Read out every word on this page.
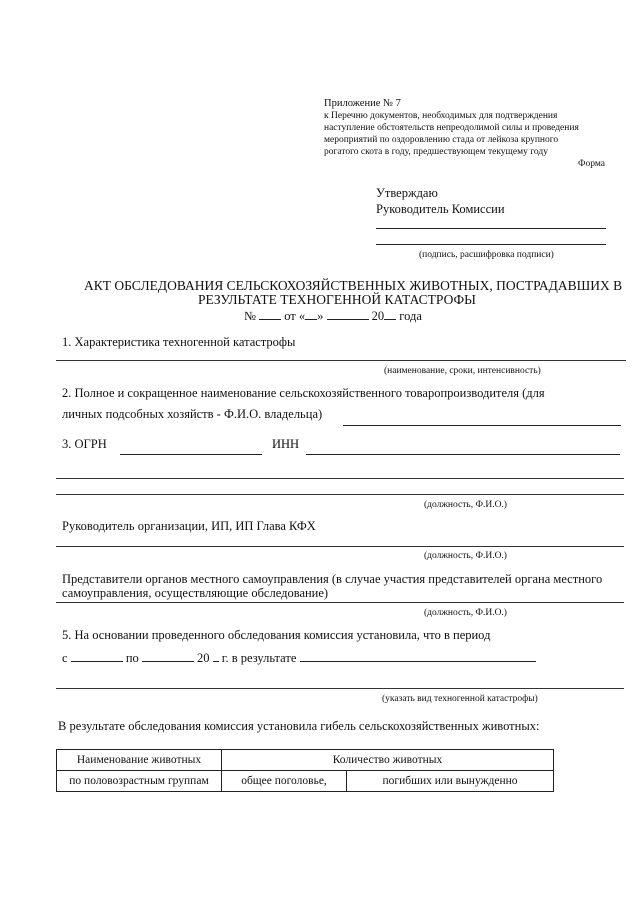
Приложение № 7
к Перечню документов, необходимых для подтверждения
наступление обстоятельств непреодолимой силы и проведения
мероприятий по оздоровлению стада от лейкоза крупного
рогатого скота в году, предшествующем текущему году
Форма
Утверждаю
Руководитель Комиссии
(подпись, расшифровка подписи)
АКТ ОБСЛЕДОВАНИЯ СЕЛЬСКОХОЗЯЙСТВЕННЫХ ЖИВОТНЫХ, ПОСТРАДАВШИХ В
РЕЗУЛЬТАТЕ ТЕХНОГЕННОЙ КАТАСТРОФЫ
№ от « »	20 года
1. Характеристика техногенной катастрофы
(наименование, сроки, интенсивность)
2. Полное и сокращенное наименование сельскохозяйственного товаропроизводителя (для
личных подсобных хозяйств - Ф.И.О. владельца)
3. ОГРН	ИНН
(должность, Ф.И.О.)
Руководитель организации, ИП, ИП Глава КФХ
(должность, Ф.И.О.)
Представители органов местного самоуправления (в случае участия представителей органа местного
самоуправления, осуществляющие обследование)
(должность, Ф.И.О.)
5. На основании проведенного обследования комиссия установила, что в период
с	по	20 г. в результате
(указать вид техногенной катастрофы)
В результате обследования комиссия установила гибель сельскохозяйственных животных:
Наименование животных	Количество животных	
по половозрастным группам	общее поголовье,	погибших или вынужденно
